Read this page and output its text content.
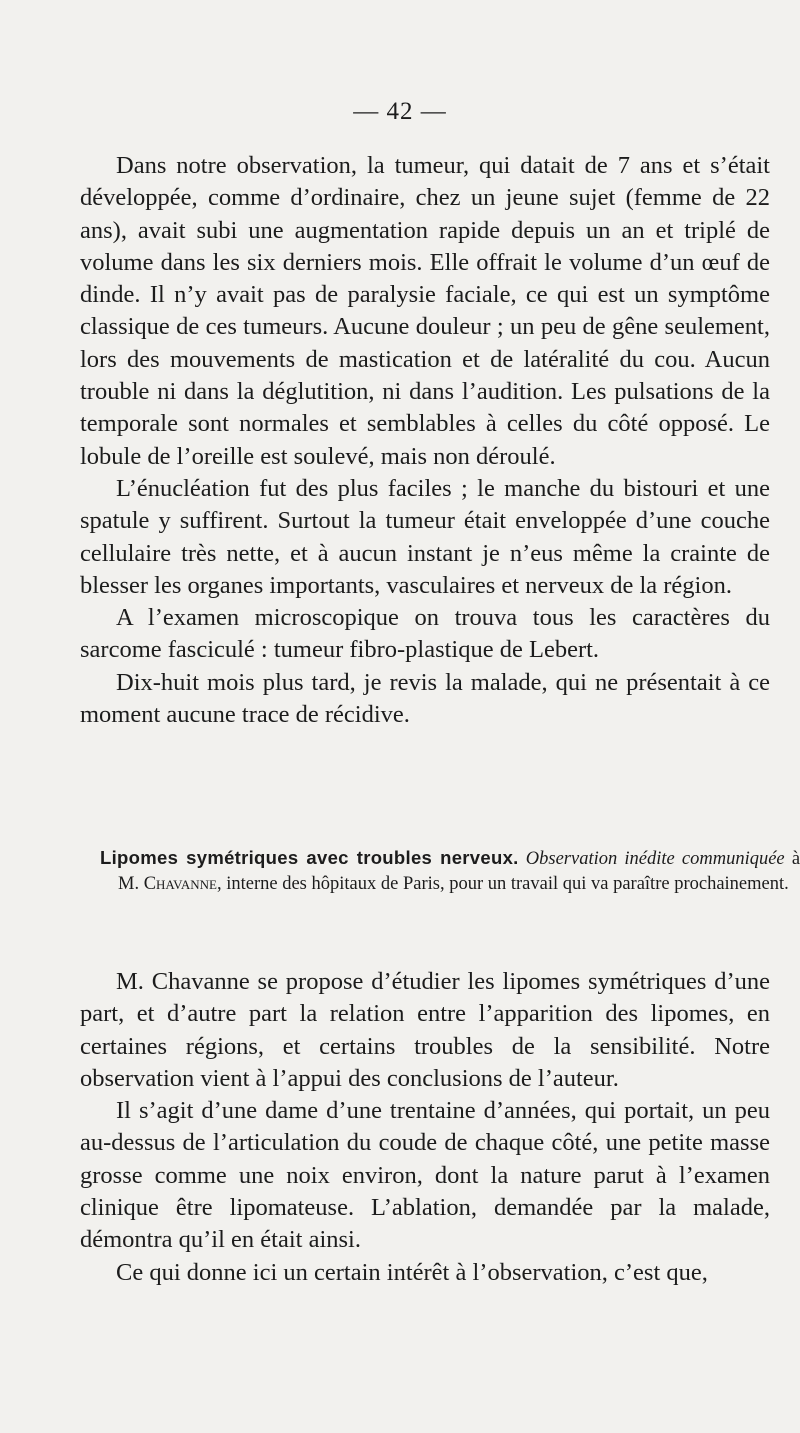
— 42 —

Dans notre observation, la tumeur, qui datait de 7 ans et s’était développée, comme d’ordinaire, chez un jeune sujet (femme de 22 ans), avait subi une augmentation rapide depuis un an et triplé de volume dans les six derniers mois. Elle offrait le volume d’un œuf de dinde. Il n’y avait pas de paralysie faciale, ce qui est un symptôme classique de ces tumeurs. Aucune douleur ; un peu de gêne seulement, lors des mouvements de mastication et de latéralité du cou. Aucun trouble ni dans la déglutition, ni dans l’audition. Les pulsations de la temporale sont normales et semblables à celles du côté opposé. Le lobule de l’oreille est soulevé, mais non déroulé.

L’énucléation fut des plus faciles ; le manche du bistouri et une spatule y suffirent. Surtout la tumeur était enveloppée d’une couche cellulaire très nette, et à aucun instant je n’eus même la crainte de blesser les organes importants, vasculaires et nerveux de la région.

A l’examen microscopique on trouva tous les caractères du sarcome fasciculé : tumeur fibro-plastique de Lebert.

Dix-huit mois plus tard, je revis la malade, qui ne présentait à ce moment aucune trace de récidive.

Lipomes symétriques avec troubles nerveux. Observation inédite communiquée à M. Chavanne, interne des hôpitaux de Paris, pour un travail qui va paraître prochainement.

M. Chavanne se propose d’étudier les lipomes symétriques d’une part, et d’autre part la relation entre l’apparition des lipomes, en certaines régions, et certains troubles de la sensibilité. Notre observation vient à l’appui des conclusions de l’auteur.

Il s’agit d’une dame d’une trentaine d’années, qui portait, un peu au-dessus de l’articulation du coude de chaque côté, une petite masse grosse comme une noix environ, dont la nature parut à l’examen clinique être lipomateuse. L’ablation, demandée par la malade, démontra qu’il en était ainsi.

Ce qui donne ici un certain intérêt à l’observation, c’est que,
